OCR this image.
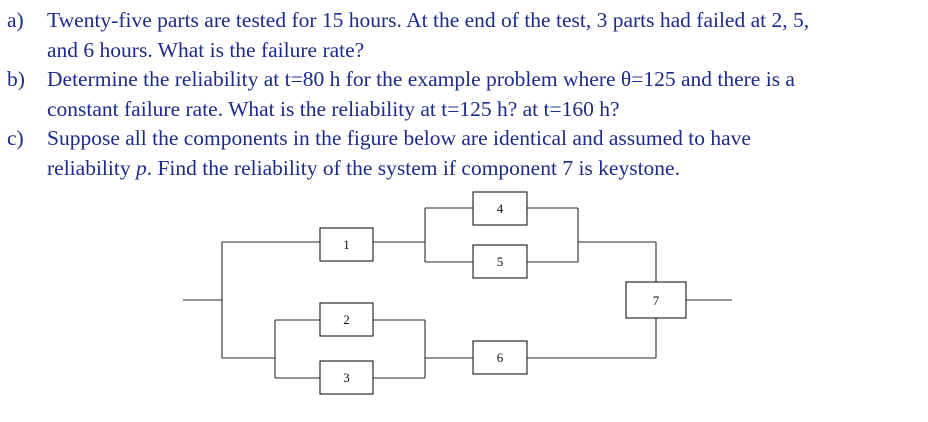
a) Twenty-five parts are tested for 15 hours. At the end of the test, 3 parts had failed at 2, 5,
and 6 hours. What is the failure rate?
b) Determine the reliability at t=80 h for the example problem where θ=125 and there is a
constant failure rate. What is the reliability at t=125 h? at t=160 h?
c) Suppose all the components in the figure below are identical and assumed to have
reliability p. Find the reliability of the system if component 7 is keystone.
1
2
3
4
5
6
7
